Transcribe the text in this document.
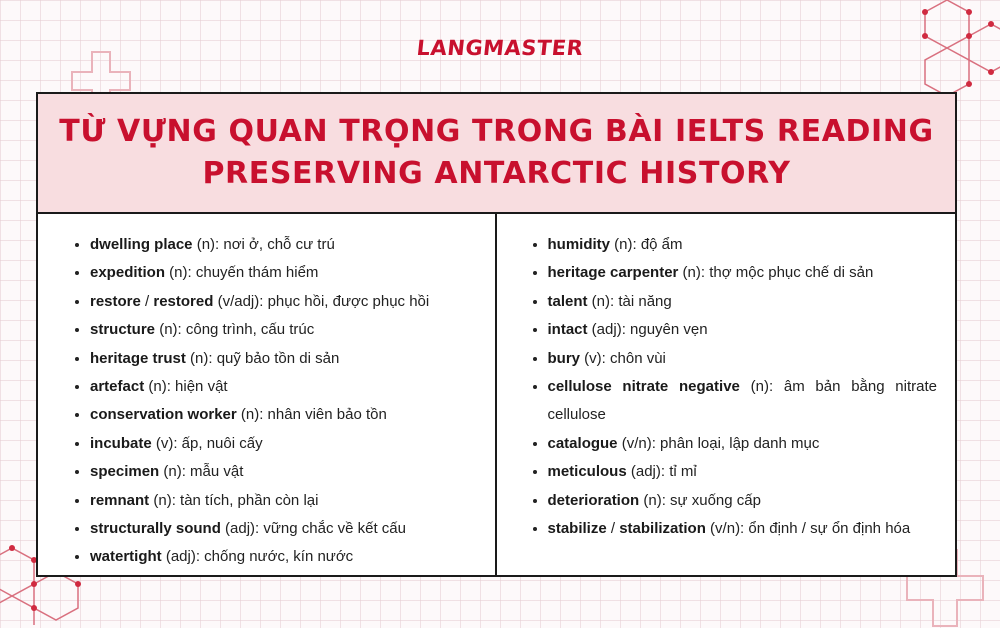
LANGMASTER
TỪ VỰNG QUAN TRỌNG TRONG BÀI IELTS READING
PRESERVING ANTARCTIC HISTORY
dwelling place (n): nơi ở, chỗ cư trú
expedition (n): chuyến thám hiểm
restore / restored (v/adj): phục hồi, được phục hồi
structure (n): công trình, cấu trúc
heritage trust (n): quỹ bảo tồn di sản
artefact (n): hiện vật
conservation worker (n): nhân viên bảo tồn
incubate (v): ấp, nuôi cấy
specimen (n): mẫu vật
remnant (n): tàn tích, phần còn lại
structurally sound (adj): vững chắc về kết cấu
watertight (adj): chống nước, kín nước
humidity (n): độ ẩm
heritage carpenter (n): thợ mộc phục chế di sản
talent (n): tài năng
intact (adj): nguyên vẹn
bury (v): chôn vùi
cellulose nitrate negative (n): âm bản bằng nitrate cellulose
catalogue (v/n): phân loại, lập danh mục
meticulous (adj): tỉ mỉ
deterioration (n): sự xuống cấp
stabilize / stabilization (v/n): ổn định / sự ổn định hóa
